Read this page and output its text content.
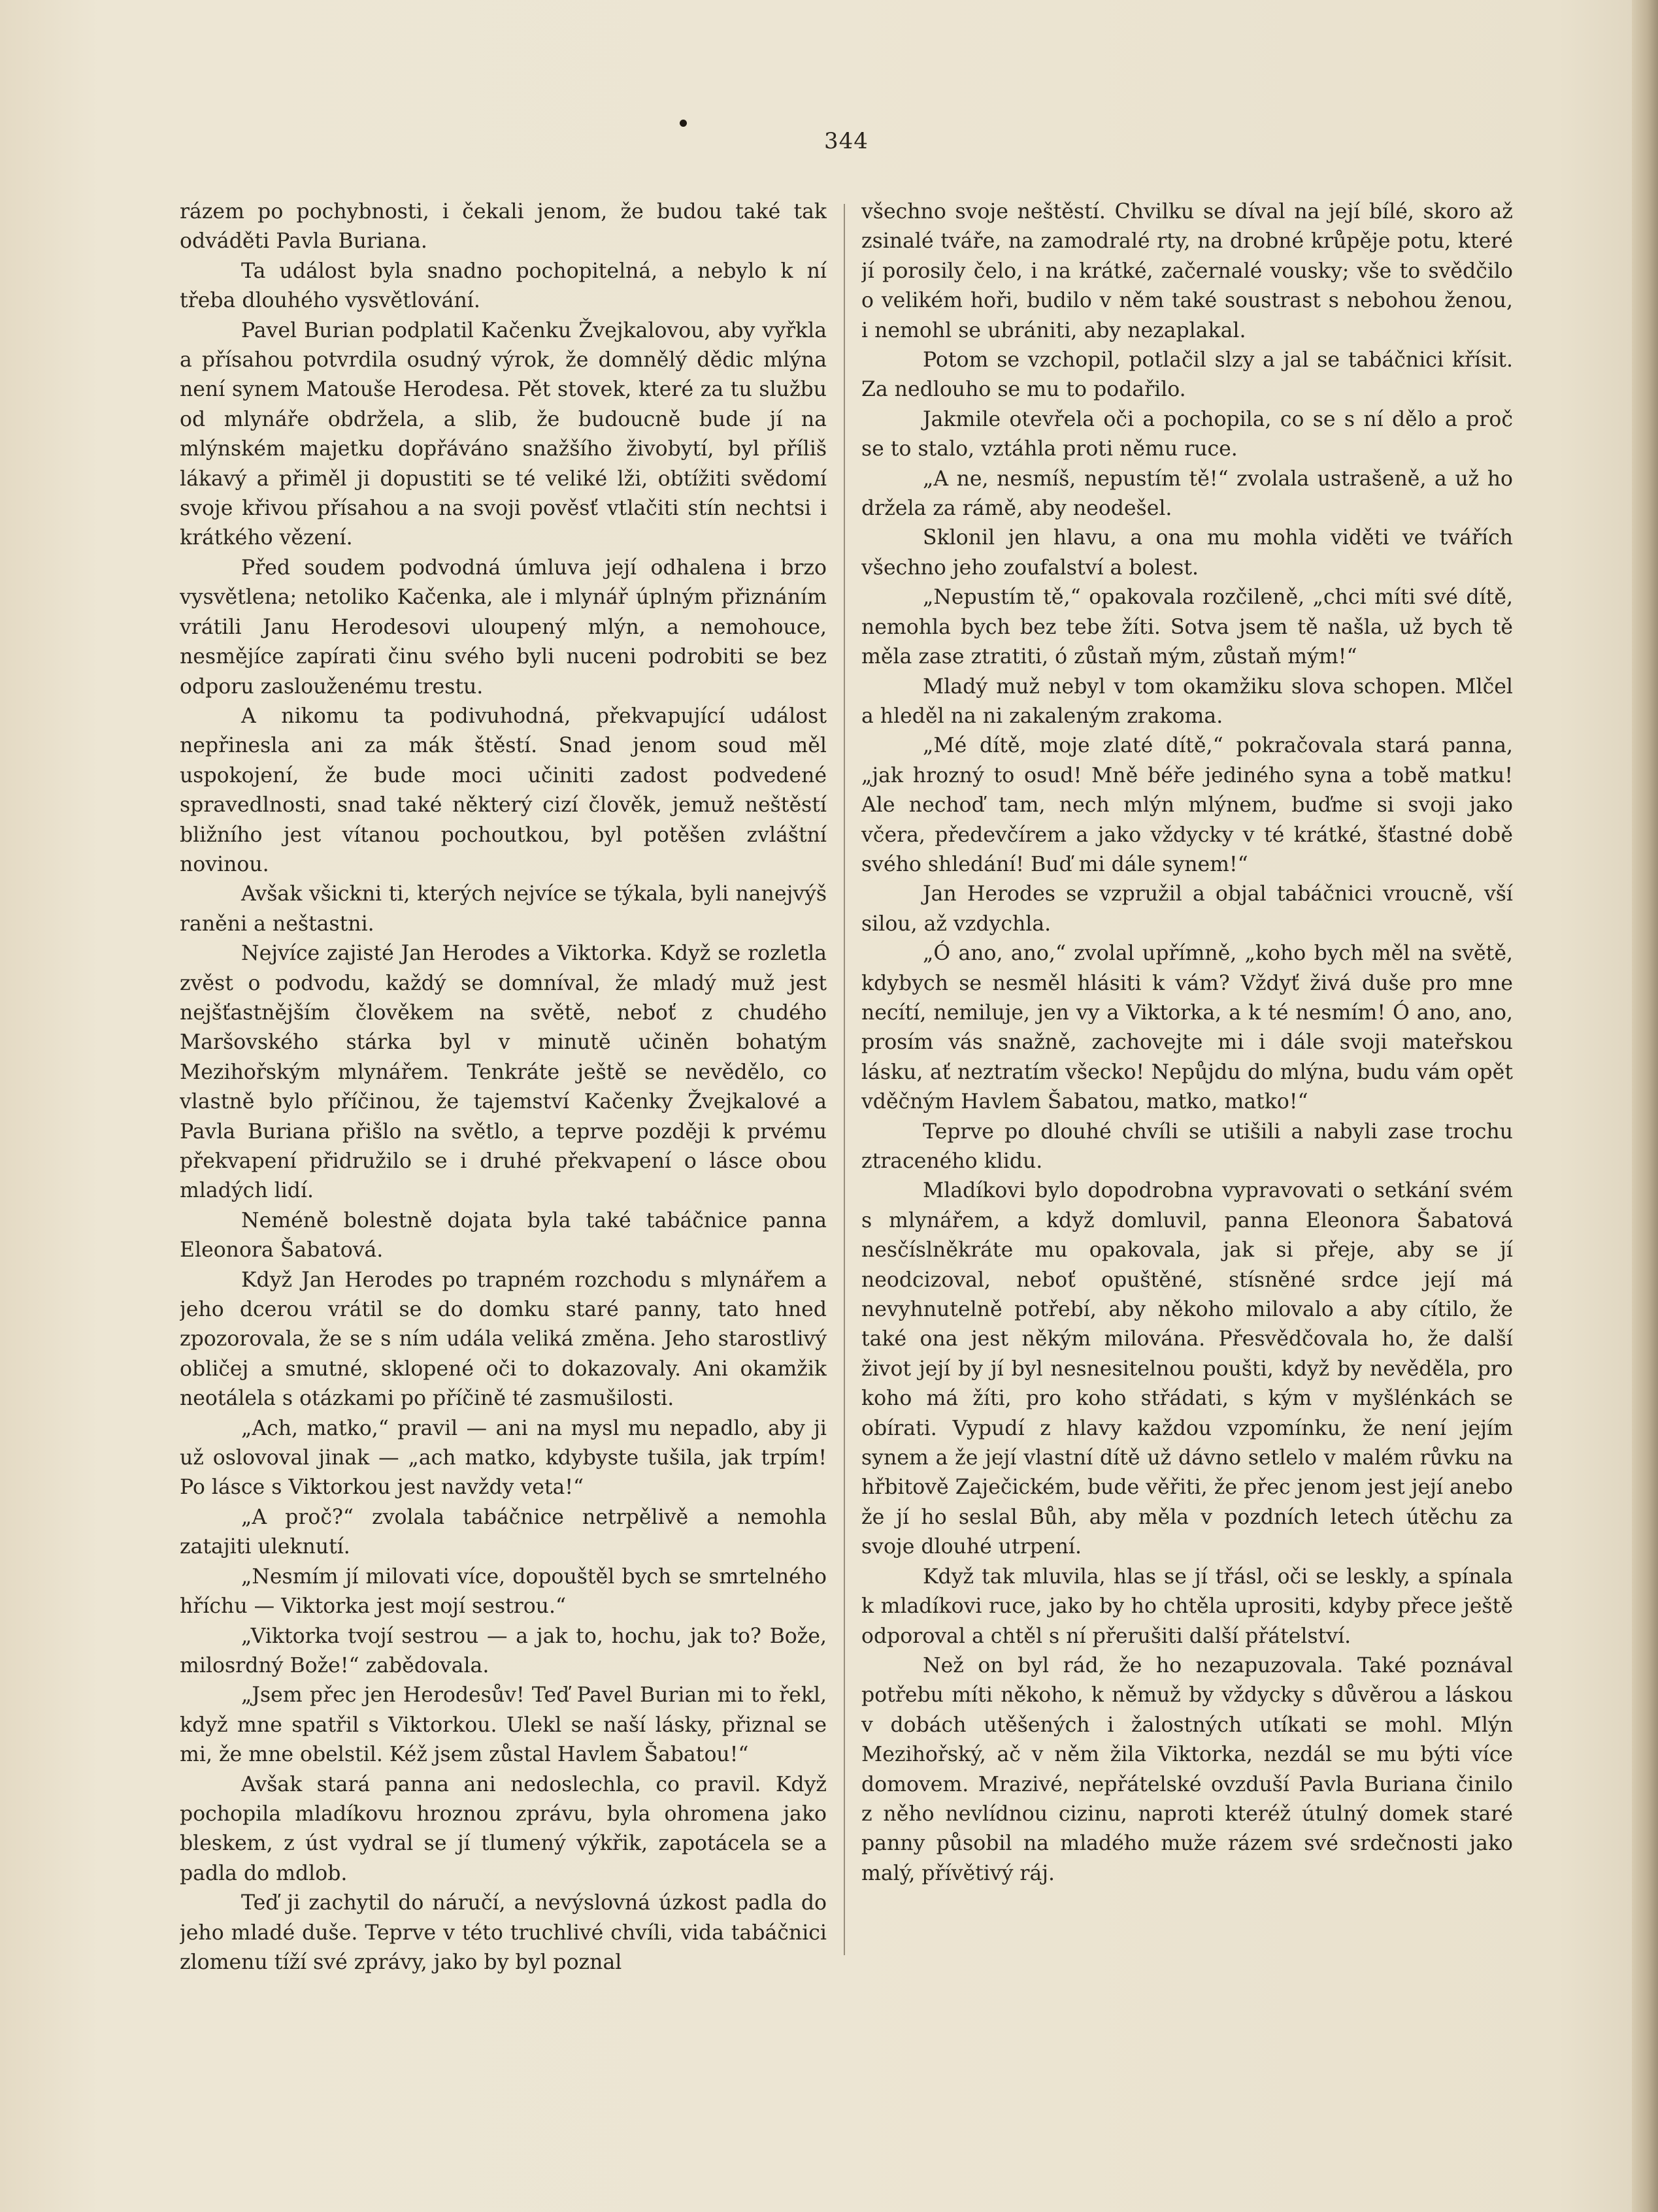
344

rázem po pochybnosti, i čekali jenom, že budou také tak odváděti Pavla Buriana.

Ta událost byla snadno pochopitelná, a nebylo k ní třeba dlouhého vysvětlování.

Pavel Burian podplatil Kačenku Žvejkalovou, aby vyřkla a přísahou potvrdila osudný výrok, že domnělý dědic mlýna není synem Matouše Herodesa. Pět stovek, které za tu službu od mlynáře obdržela, a slib, že budoucně bude jí na mlýnském majetku dopřáváno snažšího živobytí, byl příliš lákavý a přiměl ji dopustiti se té veliké lži, obtížiti svědomí svoje křivou přísahou a na svoji pověsť vtlačiti stín nechtsi i krátkého vězení.

Před soudem podvodná úmluva její odhalena i brzo vysvětlena; netoliko Kačenka, ale i mlynář úplným přiznáním vrátili Janu Herodesovi uloupený mlýn, a nemohouce, nesmějíce zapírati činu svého byli nuceni podrobiti se bez odporu zaslouženému trestu.

A nikomu ta podivuhodná, překvapující událost nepřinesla ani za mák štěstí. Snad jenom soud měl uspokojení, že bude moci učiniti zadost podvedené spravedlnosti, snad také některý cizí člověk, jemuž neštěstí bližního jest vítanou pochoutkou, byl potěšen zvláštní novinou.

Avšak všickni ti, kterých nejvíce se týkala, byli nanejvýš raněni a neštastni.

Nejvíce zajisté Jan Herodes a Viktorka. Když se rozletla zvěst o podvodu, každý se domníval, že mladý muž jest nejšťastnějším člověkem na světě, neboť z chudého Maršovského stárka byl v minutě učiněn bohatým Mezihořským mlynářem. Tenkráte ještě se nevědělo, co vlastně bylo příčinou, že tajemství Kačenky Žvejkalové a Pavla Buriana přišlo na světlo, a teprve později k prvému překvapení přidružilo se i druhé překvapení o lásce obou mladých lidí.

Neméně bolestně dojata byla také tabáčnice panna Eleonora Šabatová.

Když Jan Herodes po trapném rozchodu s mlynářem a jeho dcerou vrátil se do domku staré panny, tato hned zpozorovala, že se s ním udála veliká změna. Jeho starostlivý obličej a smutné, sklopené oči to dokazovaly. Ani okamžik neotálela s otázkami po příčině té zasmušilosti.

„Ach, matko,“ pravil — ani na mysl mu nepadlo, aby ji už oslovoval jinak — „ach matko, kdybyste tušila, jak trpím! Po lásce s Viktorkou jest navždy veta!“

„A proč?“ zvolala tabáčnice netrpělivě a nemohla zatajiti uleknutí.

„Nesmím jí milovati více, dopouštěl bych se smrtelného hříchu — Viktorka jest mojí sestrou.“

„Viktorka tvojí sestrou — a jak to, hochu, jak to? Bože, milosrdný Bože!“ zabědovala.

„Jsem přec jen Herodesův! Teď Pavel Burian mi to řekl, když mne spatřil s Viktorkou. Ulekl se naší lásky, přiznal se mi, že mne obelstil. Kéž jsem zůstal Havlem Šabatou!“

Avšak stará panna ani nedoslechla, co pravil. Když pochopila mladíkovu hroznou zprávu, byla ohromena jako bleskem, z úst vydral se jí tlumený výkřik, zapotácela se a padla do mdlob.

Teď ji zachytil do náručí, a nevýslovná úzkost padla do jeho mladé duše. Teprve v této truchlivé chvíli, vida tabáčnici zlomenu tíží své zprávy, jako by byl poznal

všechno svoje neštěstí. Chvilku se díval na její bílé, skoro až zsinalé tváře, na zamodralé rty, na drobné krůpěje potu, které jí porosily čelo, i na krátké, začernalé vousky; vše to svědčilo o velikém hoři, budilo v něm také soustrast s nebohou ženou, i nemohl se ubrániti, aby nezaplakal.

Potom se vzchopil, potlačil slzy a jal se tabáčnici křísit. Za nedlouho se mu to podařilo.

Jakmile otevřela oči a pochopila, co se s ní dělo a proč se to stalo, vztáhla proti němu ruce.

„A ne, nesmíš, nepustím tě!“ zvolala ustrašeně, a už ho držela za rámě, aby neodešel.

Sklonil jen hlavu, a ona mu mohla viděti ve tvářích všechno jeho zoufalství a bolest.

„Nepustím tě,“ opakovala rozčileně, „chci míti své dítě, nemohla bych bez tebe žíti. Sotva jsem tě našla, už bych tě měla zase ztratiti, ó zůstaň mým, zůstaň mým!“

Mladý muž nebyl v tom okamžiku slova schopen. Mlčel a hleděl na ni zakaleným zrakoma.

„Mé dítě, moje zlaté dítě,“ pokračovala stará panna, „jak hrozný to osud! Mně béře jediného syna a tobě matku! Ale nechoď tam, nech mlýn mlýnem, buďme si svoji jako včera, předevčírem a jako vždycky v té krátké, šťastné době svého shledání! Buď mi dále synem!“

Jan Herodes se vzpružil a objal tabáčnici vroucně, vší silou, až vzdychla.

„Ó ano, ano,“ zvolal upřímně, „koho bych měl na světě, kdybych se nesměl hlásiti k vám? Vždyť živá duše pro mne necítí, nemiluje, jen vy a Viktorka, a k té nesmím! Ó ano, ano, prosím vás snažně, zachovejte mi i dále svoji mateřskou lásku, ať neztratím všecko! Nepůjdu do mlýna, budu vám opět vděčným Havlem Šabatou, matko, matko!“

Teprve po dlouhé chvíli se utišili a nabyli zase trochu ztraceného klidu.

Mladíkovi bylo dopodrobna vypravovati o setkání svém s mlynářem, a když domluvil, panna Eleonora Šabatová nesčíslněkráte mu opakovala, jak si přeje, aby se jí neodcizoval, neboť opuštěné, stísněné srdce její má nevyhnutelně potřebí, aby někoho milovalo a aby cítilo, že také ona jest někým milována. Přesvědčovala ho, že další život její by jí byl nesnesitelnou poušti, když by nevěděla, pro koho má žíti, pro koho střádati, s kým v myšlénkách se obírati. Vypudí z hlavy každou vzpomínku, že není jejím synem a že její vlastní dítě už dávno setlelo v malém růvku na hřbitově Zaječickém, bude věřiti, že přec jenom jest její anebo že jí ho seslal Bůh, aby měla v pozdních letech útěchu za svoje dlouhé utrpení.

Když tak mluvila, hlas se jí třásl, oči se leskly, a spínala k mladíkovi ruce, jako by ho chtěla uprositi, kdyby přece ještě odporoval a chtěl s ní přerušiti další přátelství.

Než on byl rád, že ho nezapuzovala. Také poznával potřebu míti někoho, k němuž by vždycky s důvěrou a láskou v dobách utěšených i žalostných utíkati se mohl. Mlýn Mezihořský, ač v něm žila Viktorka, nezdál se mu býti více domovem. Mrazivé, nepřátelské ovzduší Pavla Buriana činilo z něho nevlídnou cizinu, naproti kteréž útulný domek staré panny působil na mladého muže rázem své srdečnosti jako malý, přívětivý ráj.
